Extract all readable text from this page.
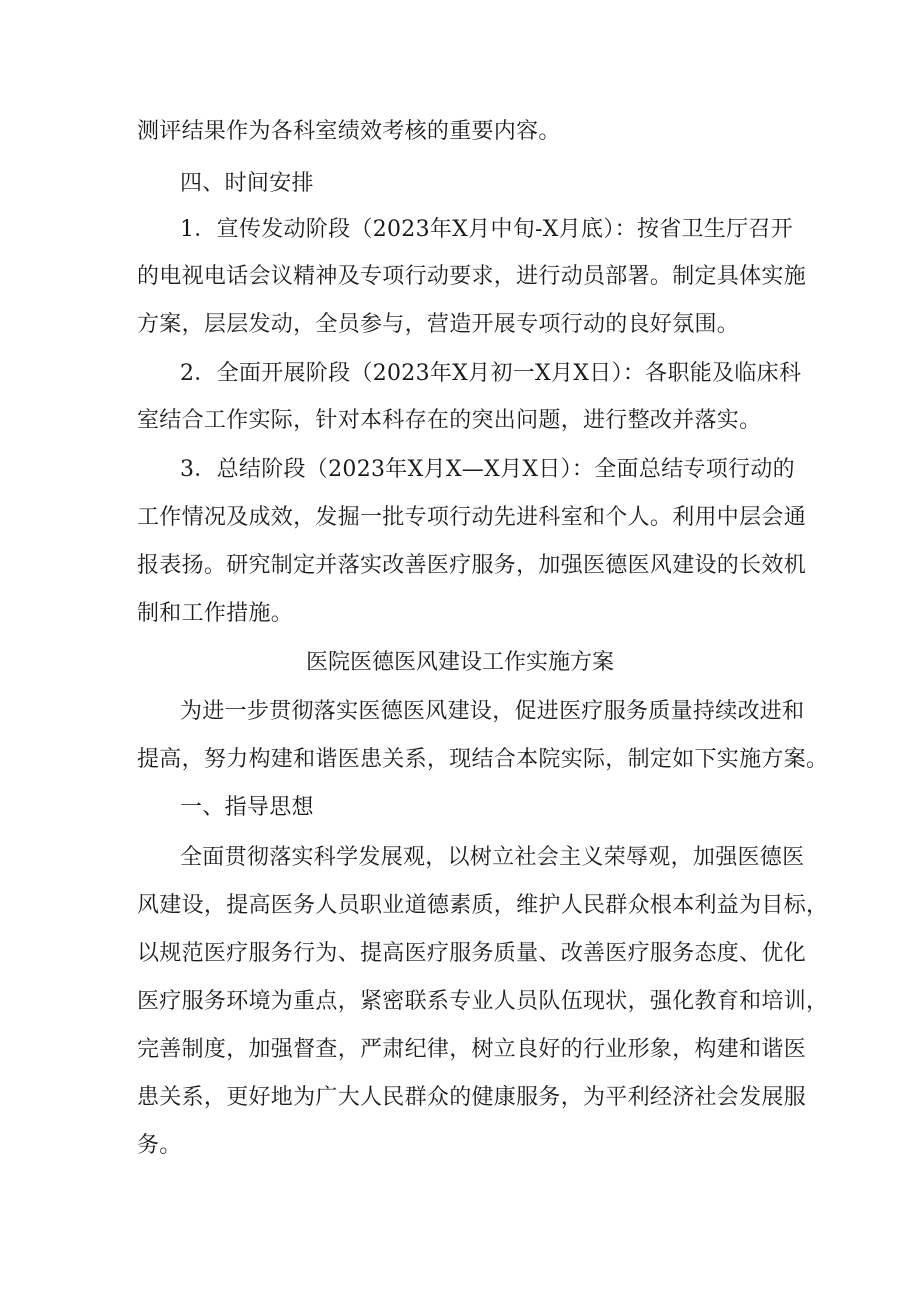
测评结果作为各科室绩效考核的重要内容。
四、时间安排
1．宣传发动阶段（2023年X月中旬-X月底）：按省卫生厅召开
的电视电话会议精神及专项行动要求，进行动员部署。制定具体实施
方案，层层发动，全员参与，营造开展专项行动的良好氛围。
2．全面开展阶段（2023年X月初一X月X日）：各职能及临床科
室结合工作实际，针对本科存在的突出问题，进行整改并落实。
3．总结阶段（2023年X月X—X月X日）：全面总结专项行动的
工作情况及成效，发掘一批专项行动先进科室和个人。利用中层会通
报表扬。研究制定并落实改善医疗服务，加强医德医风建设的长效机
制和工作措施。
医院医德医风建设工作实施方案
为进一步贯彻落实医德医风建设，促进医疗服务质量持续改进和
提高，努力构建和谐医患关系，现结合本院实际，制定如下实施方案。
一、指导思想
全面贯彻落实科学发展观，以树立社会主义荣辱观，加强医德医
风建设，提高医务人员职业道德素质，维护人民群众根本利益为目标，
以规范医疗服务行为、提高医疗服务质量、改善医疗服务态度、优化
医疗服务环境为重点，紧密联系专业人员队伍现状，强化教育和培训，
完善制度，加强督查，严肃纪律，树立良好的行业形象，构建和谐医
患关系，更好地为广大人民群众的健康服务，为平利经济社会发展服
务。
